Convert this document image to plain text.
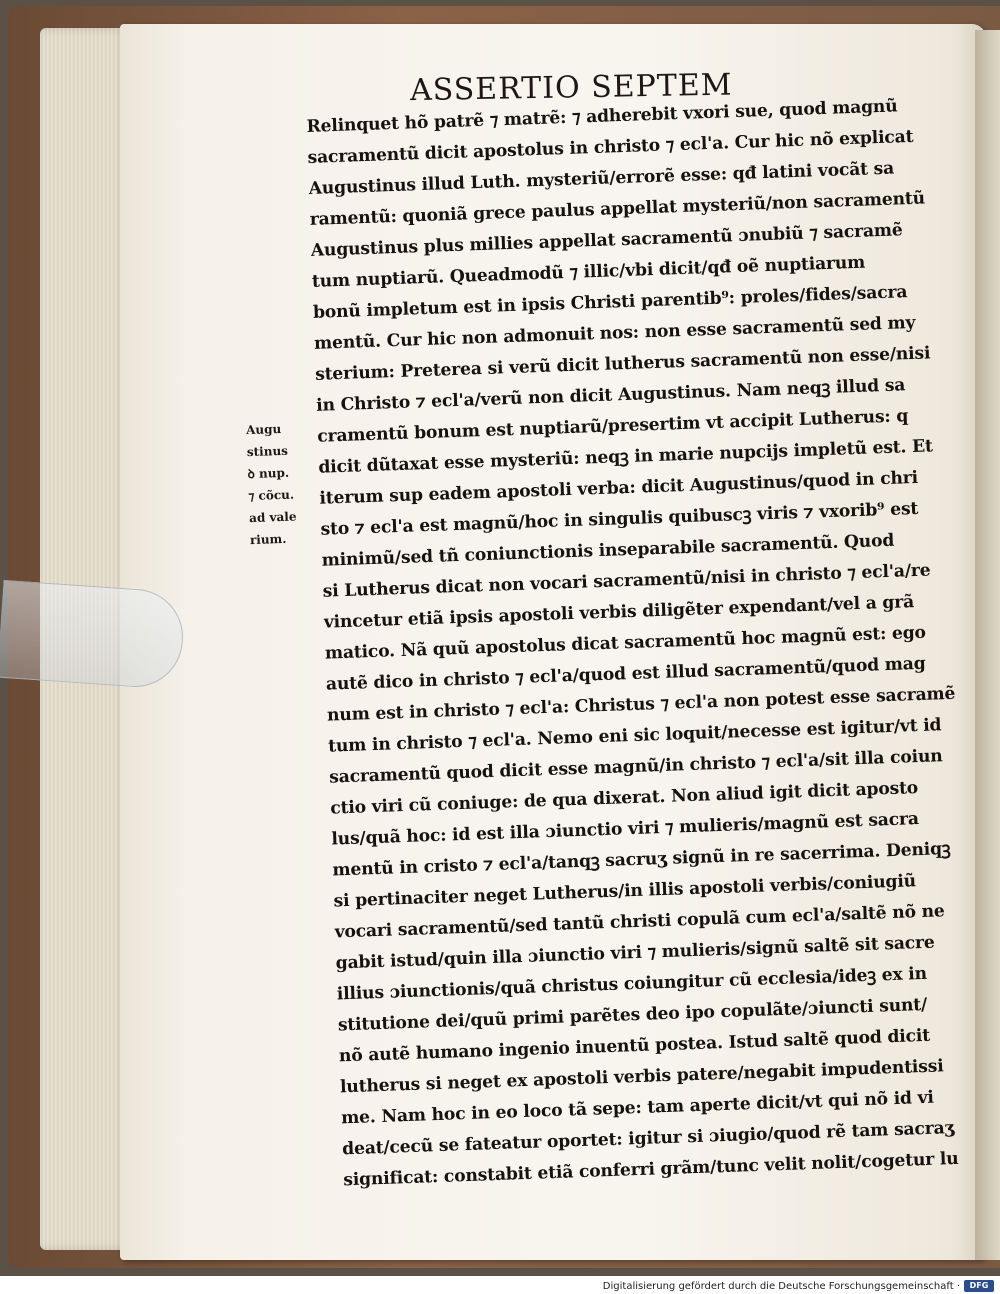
ASSERTIO SEPTEM
Augu
stinus
ꝺ nup.
⁊ cõcu.
ad vale
rium.
Relinquet hõ patrẽ ⁊ matrẽ: ⁊ adherebit vxori sue, quod magnũ
sacramentũ dicit apostolus in christo ⁊ ecl'a. Cur hic nõ explicat
Augustinus illud Luth. mysteriũ/errorẽ esse: qđ latini vocãt sa
ramentũ: quoniã grece paulus appellat mysteriũ/non sacramentũ
Augustinus plus millies appellat sacramentũ ɔnubiũ ⁊ sacramẽ
tum nuptiarũ. Queadmodũ ⁊ illic/vbi dicit/qđ oẽ nuptiarum
bonũ impletum est in ipsis Christi parentib⁹: proles/fides/sacra
mentũ. Cur hic non admonuit nos: non esse sacramentũ sed my
sterium: Preterea si verũ dicit lutherus sacramentũ non esse/nisi
in Christo ⁊ ecl'a/verũ non dicit Augustinus. Nam neqꝫ illud sa
cramentũ bonum est nuptiarũ/presertim vt accipit Lutherus: q
dicit dũtaxat esse mysteriũ: neqꝫ in marie nupcijs impletũ est. Et
iterum sup eadem apostoli verba: dicit Augustinus/quod in chri
sto ⁊ ecl'a est magnũ/hoc in singulis quibuscꝫ viris ⁊ vxorib⁹ est
minimũ/sed tñ coniunctionis inseparabile sacramentũ. Quod
si Lutherus dicat non vocari sacramentũ/nisi in christo ⁊ ecl'a/re
vincetur etiã ipsis apostoli verbis diligẽter expendant/vel a grã
matico. Nã quũ apostolus dicat sacramentũ hoc magnũ est: ego
autẽ dico in christo ⁊ ecl'a/quod est illud sacramentũ/quod mag
num est in christo ⁊ ecl'a: Christus ⁊ ecl'a non potest esse sacramẽ
tum in christo ⁊ ecl'a. Nemo eni sic loquit/necesse est igitur/vt id
sacramentũ quod dicit esse magnũ/in christo ⁊ ecl'a/sit illa coiun
ctio viri cũ coniuge: de qua dixerat. Non aliud igit dicit aposto
lus/quã hoc: id est illa ɔiunctio viri ⁊ mulieris/magnũ est sacra
mentũ in cristo ⁊ ecl'a/tanqꝫ sacruʒ signũ in re sacerrima. Deniqꝫ
si pertinaciter neget Lutherus/in illis apostoli verbis/coniugiũ
vocari sacramentũ/sed tantũ christi copulã cum ecl'a/saltẽ nõ ne
gabit istud/quin illa ɔiunctio viri ⁊ mulieris/signũ saltẽ sit sacre
illius ɔiunctionis/quã christus coiungitur cũ ecclesia/ideꝫ ex in
stitutione dei/quũ primi parẽtes deo ipo copulãte/ɔiuncti sunt/
nõ autẽ humano ingenio inuentũ postea. Istud saltẽ quod dicit
lutherus si neget ex apostoli verbis patere/negabit impudentissi
me. Nam hoc in eo loco tã sepe: tam aperte dicit/vt qui nõ id vi
deat/cecũ se fateatur oportet: igitur si ɔiugio/quod rẽ tam sacraʒ
significat: constabit etiã conferri grãm/tunc velit nolit/cogetur lu
Digitalisierung gefördert durch die Deutsche Forschungsgemeinschaft ·	DFG
